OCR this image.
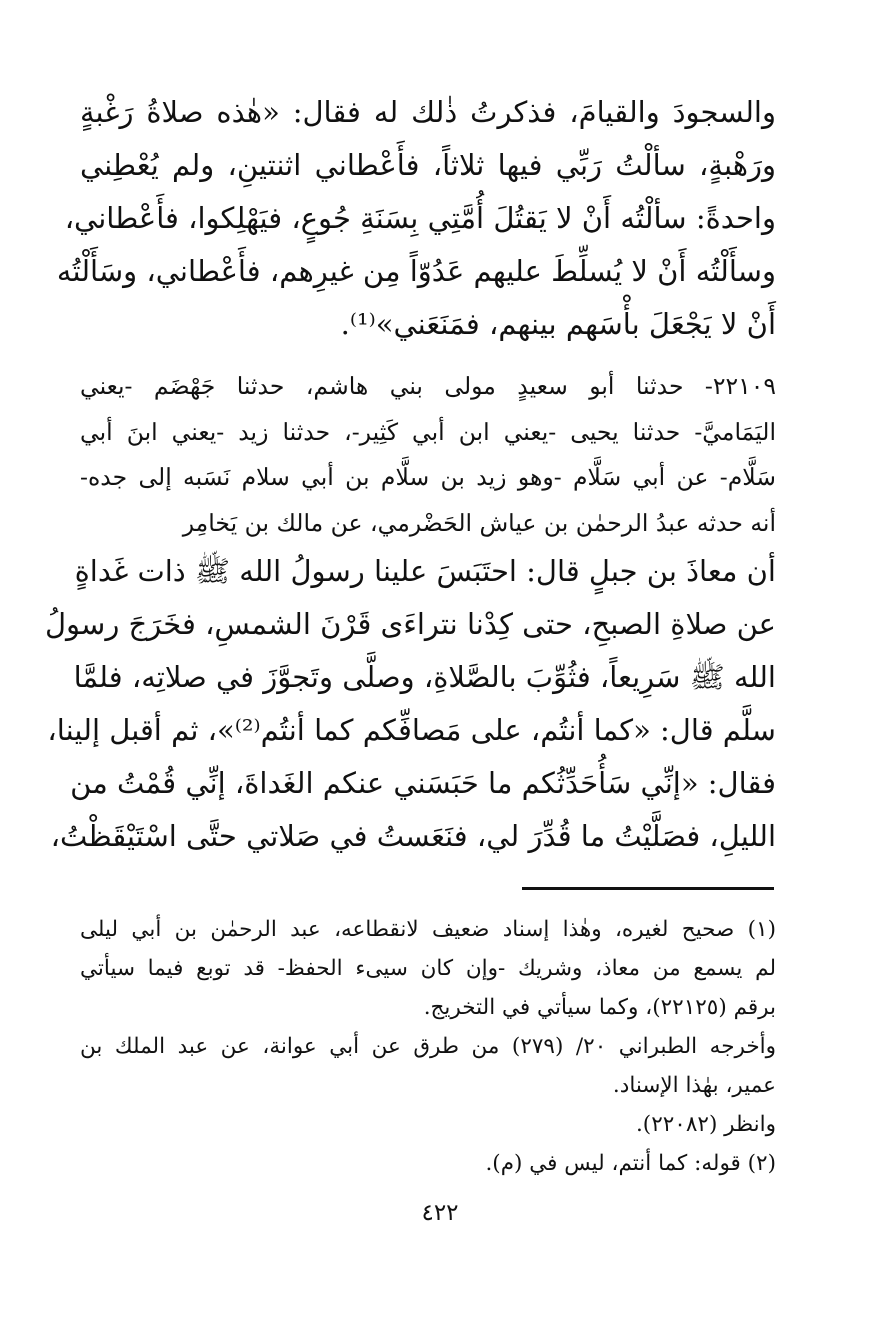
والسجودَ والقيامَ، فذكرتُ ذٰلك له فقال: «هٰذه صلاةُ رَغْبةٍ
ورَهْبةٍ، سألْتُ رَبِّي فيها ثلاثاً، فأَعْطاني اثنتينِ، ولم يُعْطِني
واحدةً: سألْتُه أَنْ لا يَقتُلَ أُمَّتِي بِسَنَةِ جُوعٍ، فيَهْلِكوا، فأَعْطاني،
وسأَلْتُه أَنْ لا يُسلِّطَ عليهم عَدُوّاً مِن غيرِهم، فأَعْطاني، وسَأَلْتُه
أَنْ لا يَجْعَلَ بأْسَهم بينهم، فمَنَعَني»⁽¹⁾.
٢٢١٠٩- حدثنا أبو سعيدٍ مولى بني هاشم، حدثنا جَهْضَم -يعني
اليَمَاميَّ- حدثنا يحيى -يعني ابن أبي كَثِير-، حدثنا زيد -يعني ابنَ أبي
سَلَّام- عن أبي سَلَّام -وهو زيد بن سلَّام بن أبي سلام نَسَبه إلى جده-
أنه حدثه عبدُ الرحمٰن بن عياش الحَضْرمي، عن مالك بن يَخامِر
أن معاذَ بن جبلٍ قال: احتَبَسَ علينا رسولُ الله ﷺ ذات غَداةٍ
عن صلاةِ الصبحِ، حتى كِدْنا نتراءَى قَرْنَ الشمسِ، فخَرَجَ رسولُ
الله ﷺ سَرِيعاً، فثُوِّبَ بالصَّلاةِ، وصلَّى وتَجوَّزَ في صلاتِه، فلمَّا
سلَّم قال: «كما أنتُم، على مَصافِّكم كما أنتُم⁽²⁾»، ثم أقبل إلينا،
فقال: «إنِّي سَأُحَدِّثُكم ما حَبَسَني عنكم الغَداةَ، إنِّي قُمْتُ من
الليلِ، فصَلَّيْتُ ما قُدِّرَ لي، فنَعَستُ في صَلاتي حتَّى اسْتَيْقَظْتُ،
(١) صحيح لغيره، وهٰذا إسناد ضعيف لانقطاعه، عبد الرحمٰن بن أبي ليلى
لم يسمع من معاذ، وشريك -وإن كان سيىء الحفظ- قد توبع فيما سيأتي
برقم (٢٢١٢٥)، وكما سيأتي في التخريج.
وأخرجه الطبراني ٢٠/ (٢٧٩) من طرق عن أبي عوانة، عن عبد الملك بن
عمير، بهٰذا الإسناد.
وانظر (٢٢٠٨٢).
(٢) قوله: كما أنتم، ليس في (م).
٤٢٢
